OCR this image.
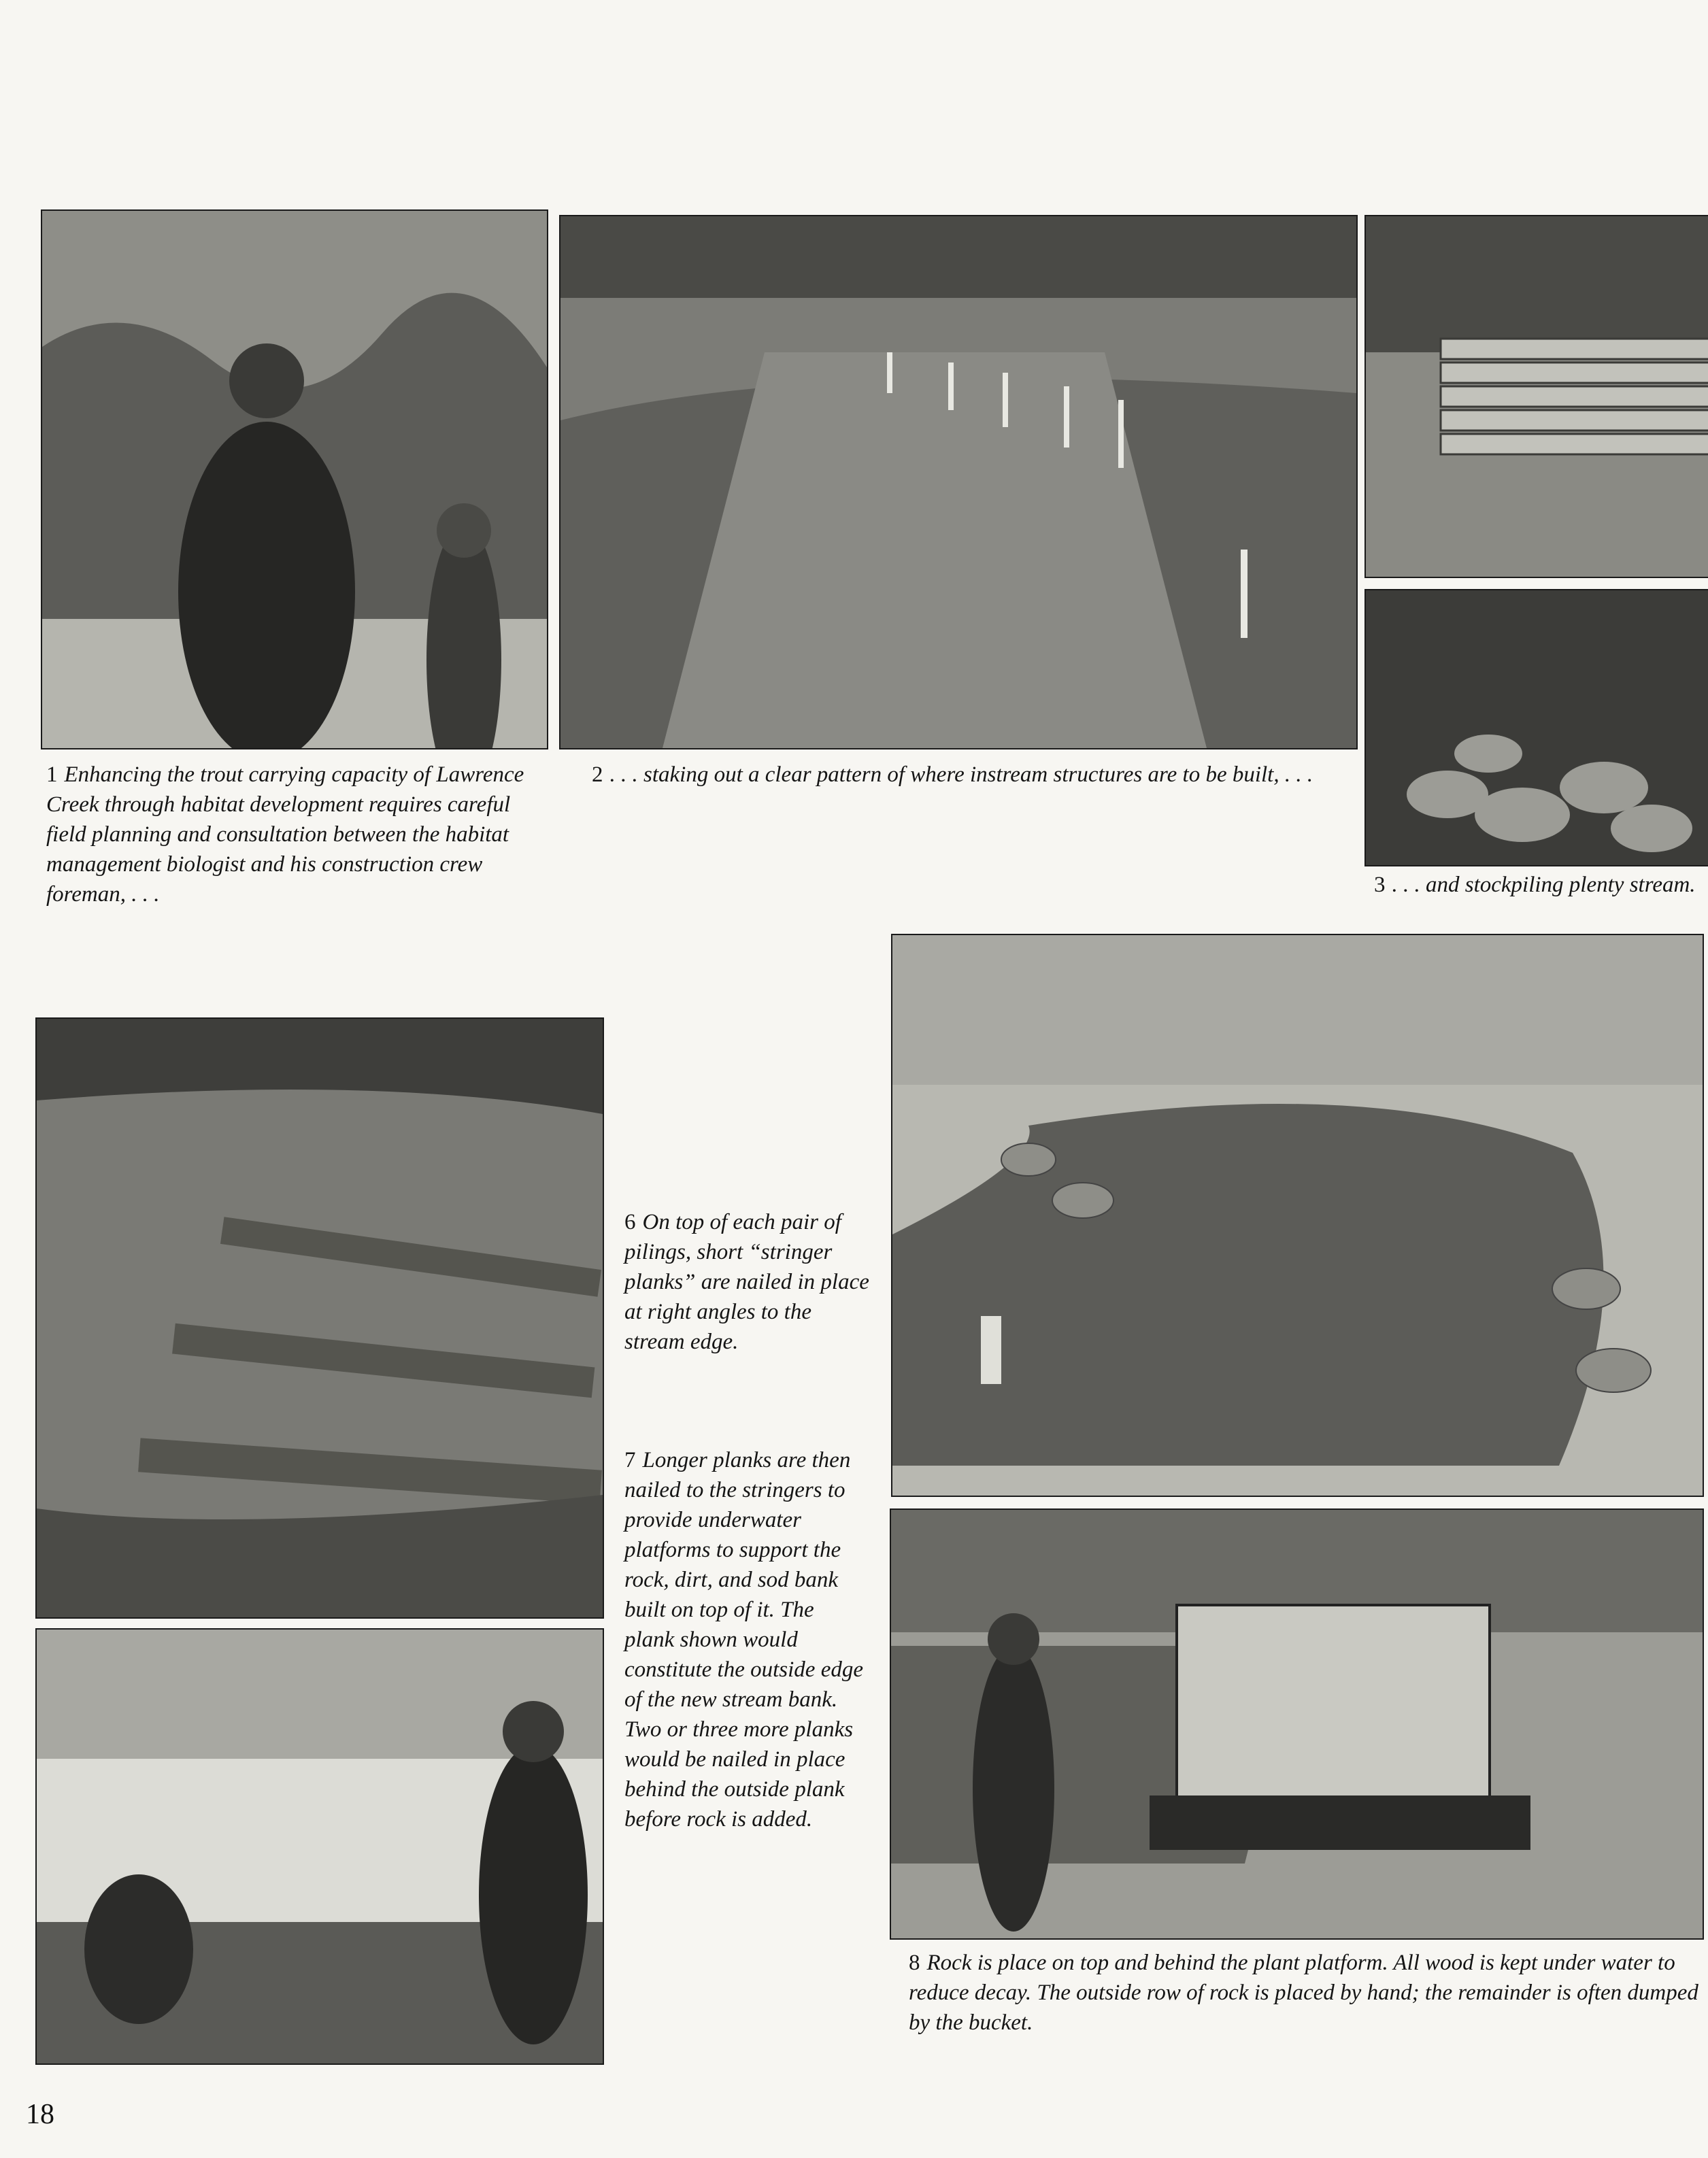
1 Enhancing the trout carrying capacity of Lawrence Creek through habitat development requires careful field planning and consultation between the habitat management biologist and his construction crew foreman, . . .

2 . . . staking out a clear pattern of where instream structures are to be built, . . .

3 . . . and stockpiling plenty stream.

6 On top of each pair of pilings, short “stringer planks” are nailed in place at right angles to the stream edge.

7 Longer planks are then nailed to the stringers to provide underwater platforms to support the rock, dirt, and sod bank built on top of it. The plank shown would constitute the outside edge of the new stream bank. Two or three more planks would be nailed in place behind the outside plank before rock is added.

8 Rock is place on top and behind the plant platform. All wood is kept under water to reduce decay. The outside row of rock is placed by hand; the remainder is often dumped by the bucket.

18
